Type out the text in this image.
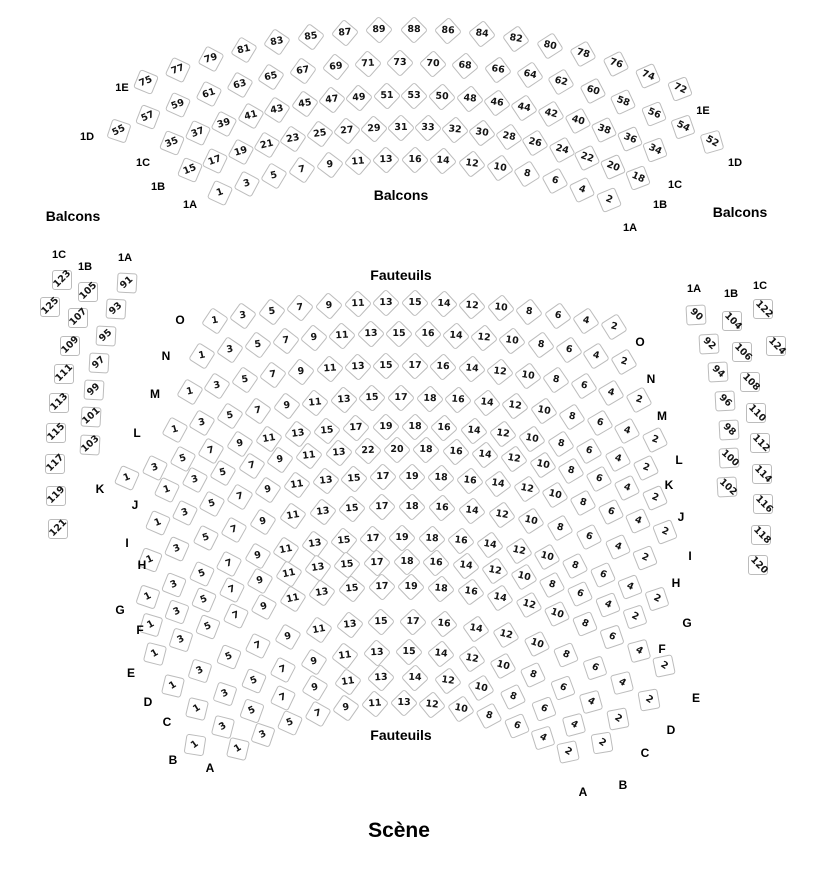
Balcons
Balcons
Balcons
Fauteuils
Fauteuils
Scène
75
77
79
81
83	85	87 89 88 86 84	82	80
78
76
74
72
55
57
59
61
63
65	67	69 71 73 70 68	66	64
62
60
58
56
54
52
35
37
39
41	43	45	47	49 51 53 50 48	46	44	42
40
38
36
34
15
17
19
21	23	25	27 29 31 33 32	30	28	26	24
22
20
18
1
3
5
7	9	11 13 16 14 12	10	8
6
4
2
1	3	5	7	9	11 13 15 14 12 10	8	6	4	2
1	3	5	7	9	11 13 15 16 14 12	10	8	6	4
2
1
3	5	7	9	11 13 15 17 16 14 12	10	8	6
4
2
1
3
5	7	9	11 13 15 17 18 16 14	12	10	8
6
4
2
1
3
5
7
9	11	13	15 17 19 18 16 14	12	10	8
6
4
2
1
3
5
7	9	11	13 22 20 18 16 14	12	10	8
6
4
2
1
3
5
7
9	11	13 15 17 19 18 16	14	12	10
8
6
4
2
1
3
5
7
9	11	13	15 17 18 16 14	12	10
8
6
4
2
1
3
5
7
9	11	13	15 17 19 18 16	14	12	10
8
6
4
2
1
3
5
7
9
11	13	15 17 18 16	14	12	10
8
6
4
2
1
3
5
7
9
11	13	15 17 19 18	16	14
12
10
8
6
4
2
1
3
5
7
9
11	13 15 17 16	14	12
10
8
6
4
2
1
3
5
7
9	11	13 15 14	12
10
8
6
4
2
1
3
5
7
9
11	13 14	12	10
8
6
4
2
1
3
5
7
9	11 13 12	10
8
6
4
2
123
125
105
107
109
111
113
115
117
119
121
91
93
95
97
99
101
103
90
92
94
96
98
100
102
104
106
108
110
112
114
116
118
120
122
124
1E
1E
1D
1D
1C
1C
1B
1B
1A
1A
O
O
N
N
M
M
L
L
K	K
J
J
I
I
H
H
G
G
F
F
E
E
D
D
C
C
B
B
A
A
1C
1B
1A
1A 1B
1C
